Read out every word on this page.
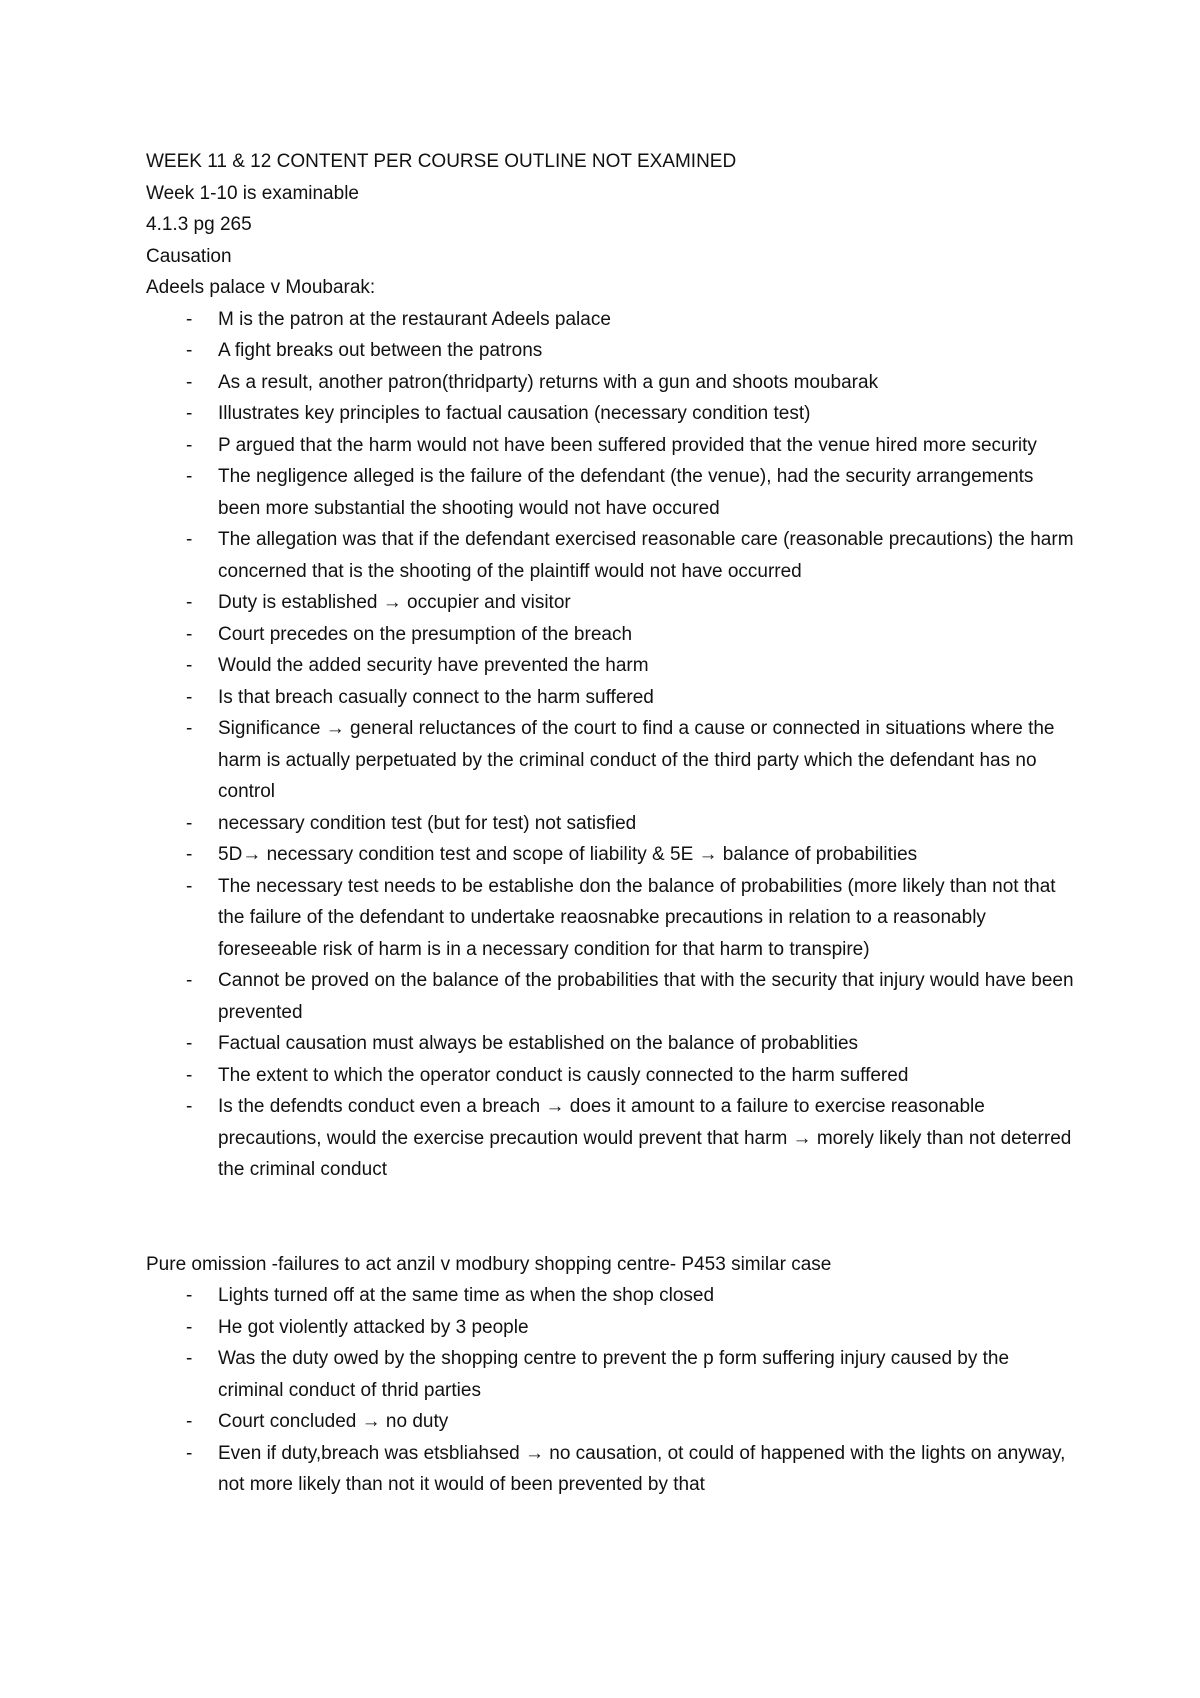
WEEK 11 & 12 CONTENT PER COURSE OUTLINE NOT EXAMINED

Week 1-10 is examinable

4.1.3 pg 265

Causation

Adeels palace v Moubarak:

- M is the patron at the restaurant Adeels palace
- A fight breaks out between the patrons
- As a result, another patron(thridparty) returns with a gun and shoots moubarak
- Illustrates key principles to factual causation (necessary condition test)
- P argued that the harm would not have been suffered provided that the venue hired more security
- The negligence alleged is the failure of the defendant (the venue), had the security arrangements been more substantial the shooting would not have occured
- The allegation was that if the defendant exercised reasonable care (reasonable precautions) the harm concerned that is the shooting of the plaintiff would not have occurred
- Duty is established → occupier and visitor
- Court precedes on the presumption of the breach
- Would the added security have prevented the harm
- Is that breach casually connect to the harm suffered
- Significance → general reluctances of the court to find a cause or connected in situations where the harm is actually perpetuated by the criminal conduct of the third party which the defendant has no control
- necessary condition test (but for test) not satisfied
- 5D→ necessary condition test and scope of liability & 5E → balance of probabilities
- The necessary test needs to be establishe don the balance of probabilities (more likely than not that the failure of the defendant to undertake reaosnabke precautions in relation to a reasonably foreseeable risk of harm is in a necessary condition for that harm to transpire)
- Cannot be proved on the balance of the probabilities that with the security that injury would have been prevented
- Factual causation must always be established on the balance of probablities
- The extent to which the operator conduct is causly connected to the harm suffered
- Is the defendts conduct even a breach → does it amount to a failure to exercise reasonable precautions, would the exercise precaution would prevent that harm → morely likely than not deterred the criminal conduct

Pure omission -failures to act anzil v modbury shopping centre- P453 similar case

- Lights turned off at the same time as when the shop closed
- He got violently attacked by 3 people
- Was the duty owed by the shopping centre to prevent the p form suffering injury caused by the criminal conduct of thrid parties
- Court concluded → no duty
- Even if duty,breach was etsbliahsed → no causation, ot could of happened with the lights on anyway, not more likely than not it would of been prevented by that
